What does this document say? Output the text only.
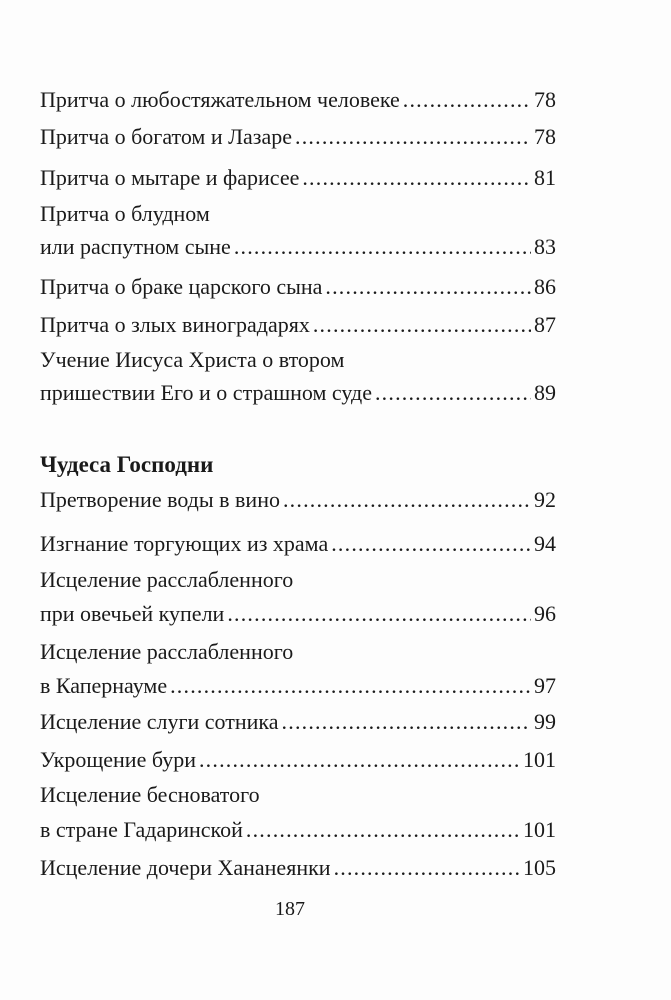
Притча о любостяжательном человеке .....	78
Притча о богатом и Лазаре .....	78
Притча о мытаре и фарисее .....	81
Притча о блудном
или распутном сыне .....	83
Притча о браке царского сына .....	86
Притча о злых виноградарях .....	87
Учение Иисуса Христа о втором
пришествии Его и о страшном суде .....	89
Претворение воды в вино .....	92
Изгнание торгующих из храма .....	94
Исцеление расслабленного
при овечьей купели .....	96
Исцеление расслабленного
в Капернауме .....	97
Исцеление слуги сотника .....	99
Укрощение бури .....	101
Исцеление бесноватого
в стране Гадаринской .....	101
Исцеление дочери Хананеянки .....	105
Чудеса Господни
187
